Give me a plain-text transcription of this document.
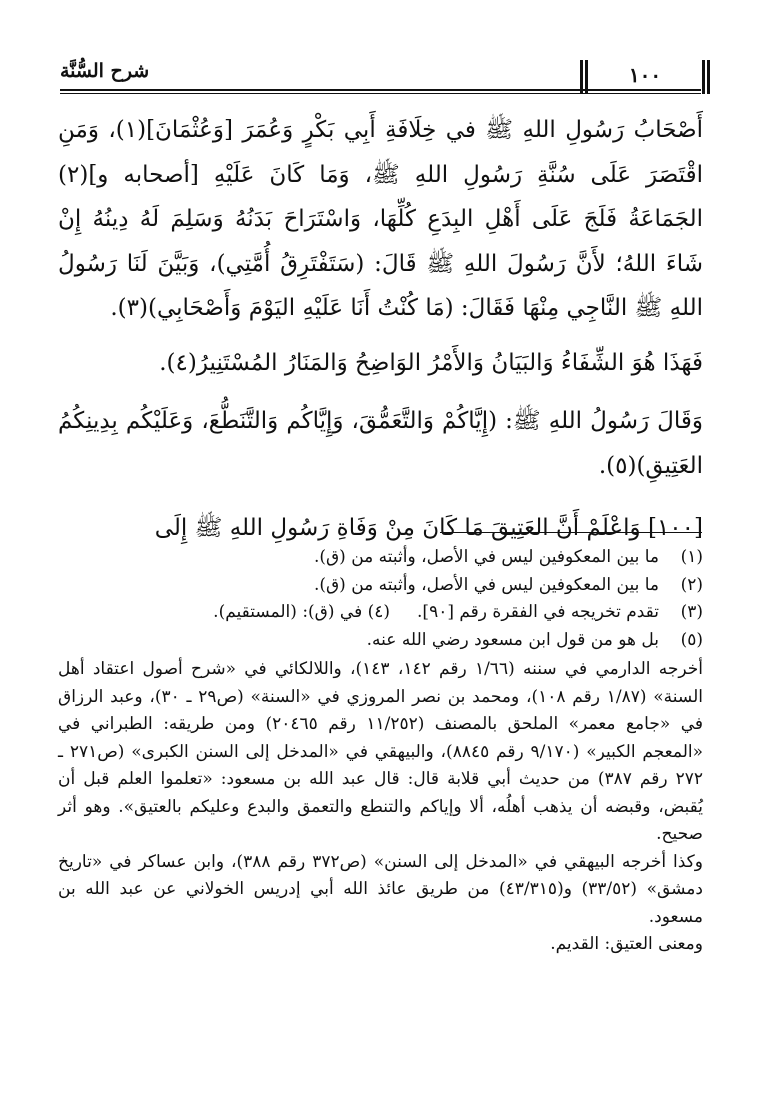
شرح السُّنَّة	١٠٠

أَصْحَابُ رَسُولِ اللهِ ﷺ في خِلَافَةِ أَبِي بَكْرٍ وَعُمَرَ [وَعُثْمَانَ](١)، وَمَنِ اقْتَصَرَ عَلَى سُنَّةِ رَسُولِ اللهِ ﷺ، وَمَا كَانَ عَلَيْهِ [أصحابه و](٢) الجَمَاعَةُ فَلَجَ عَلَى أَهْلِ البِدَعِ كُلِّهَا، وَاسْتَرَاحَ بَدَنُهُ وَسَلِمَ لَهُ دِينُهُ إِنْ شَاءَ اللهُ؛ لأَنَّ رَسُولَ اللهِ ﷺ قَالَ: (سَتَفْتَرِقُ أُمَّتِي)، وَبَيَّنَ لَنَا رَسُولُ اللهِ ﷺ النَّاجِي مِنْهَا فَقَالَ: (مَا كُنْتُ أَنَا عَلَيْهِ اليَوْمَ وَأَصْحَابِي)(٣).

فَهَذَا هُوَ الشِّفَاءُ وَالبَيَانُ وَالأَمْرُ الوَاضِحُ وَالمَنَارُ المُسْتَنِيرُ(٤).

وَقَالَ رَسُولُ اللهِ ﷺ: (إِيَّاكُمْ وَالتَّعَمُّقَ، وَإِيَّاكُم وَالتَّنَطُّعَ، وَعَلَيْكُم بِدِينِكُمُ العَتِيقِ)(٥).

[١٠٠] وَاعْلَمْ أَنَّ العَتِيقَ مَا كَانَ مِنْ وَفَاةِ رَسُولِ اللهِ ﷺ إِلَى

(١)
ما بين المعكوفين ليس في الأصل، وأثبته من (ق).
(٢)
ما بين المعكوفين ليس في الأصل، وأثبته من (ق).
(٣)
تقدم تخريجه في الفقرة رقم [٩٠].     (٤) في (ق): (المستقيم).
(٥)
بل هو من قول ابن مسعود رضي الله عنه.

أخرجه الدارمي في سننه (١/٦٦ رقم ١٤٢، ١٤٣)، واللالكائي في «شرح أصول اعتقاد أهل السنة» (١/٨٧ رقم ١٠٨)، ومحمد بن نصر المروزي في «السنة» (ص٢٩ ـ ٣٠)، وعبد الرزاق في «جامع معمر» الملحق بالمصنف (١١/٢٥٢ رقم ٢٠٤٦٥) ومن طريقه: الطبراني في «المعجم الكبير» (٩/١٧٠ رقم ٨٨٤٥)، والبيهقي في «المدخل إلى السنن الكبرى» (ص٢٧١ ـ ٢٧٢ رقم ٣٨٧) من حديث أبي قلابة قال: قال عبد الله بن مسعود: «تعلموا العلم قبل أن يُقبض، وقبضه أن يذهب أهلُه، ألا وإياكم والتنطع والتعمق والبدع وعليكم بالعتيق». وهو أثر صحيح.

وكذا أخرجه البيهقي في «المدخل إلى السنن» (ص٣٧٢ رقم ٣٨٨)، وابن عساكر في «تاريخ دمشق» (٣٣/٥٢) و(٤٣/٣١٥) من طريق عائذ الله أبي إدريس الخولاني عن عبد الله بن مسعود.

ومعنى العتيق: القديم.
